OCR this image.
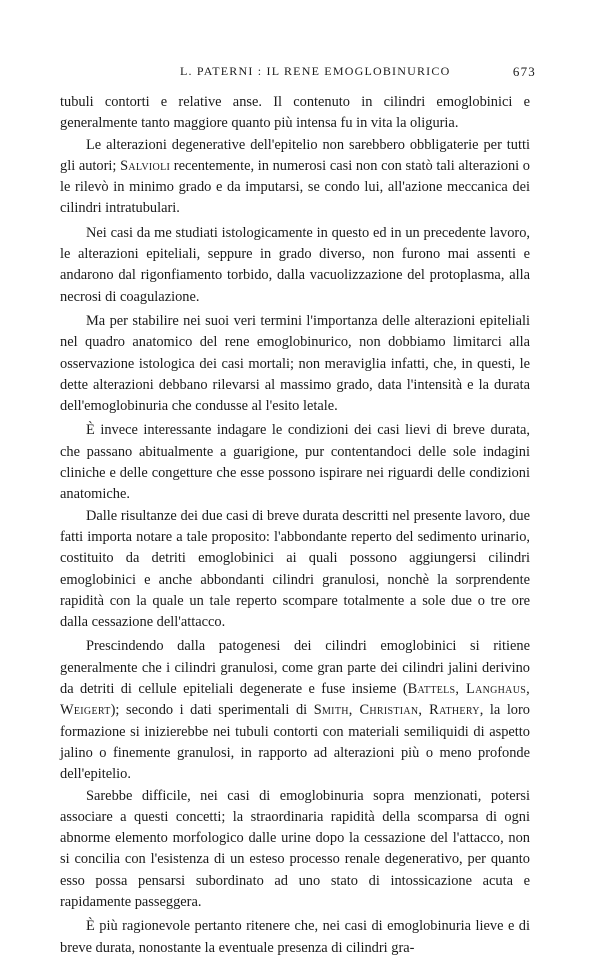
L. PATERNI : IL RENE EMOGLOBINURICO	673

tubuli contorti e relative anse. Il contenuto in cilindri emoglobinici e generalmente tanto maggiore quanto più intensa fu in vita la oliguria.

Le alterazioni degenerative dell'epitelio non sarebbero obbligaterie per tutti gli autori; Salvioli recentemente, in numerosi casi non con statò tali alterazioni o le rilevò in minimo grado e da imputarsi, se condo lui, all'azione meccanica dei cilindri intratubulari.

Nei casi da me studiati istologicamente in questo ed in un precedente lavoro, le alterazioni epiteliali, seppure in grado diverso, non furono mai assenti e andarono dal rigonfiamento torbido, dalla vacuolizzazione del protoplasma, alla necrosi di coagulazione.

Ma per stabilire nei suoi veri termini l'importanza delle alterazioni epiteliali nel quadro anatomico del rene emoglobinurico, non dobbiamo limitarci alla osservazione istologica dei casi mortali; non meraviglia infatti, che, in questi, le dette alterazioni debbano rilevarsi al massimo grado, data l'intensità e la durata dell'emoglobinuria che condusse al l'esito letale.

È invece interessante indagare le condizioni dei casi lievi di breve durata, che passano abitualmente a guarigione, pur contentandoci delle sole indagini cliniche e delle congetture che esse possono ispirare nei riguardi delle condizioni anatomiche.

Dalle risultanze dei due casi di breve durata descritti nel presente lavoro, due fatti importa notare a tale proposito: l'abbondante reperto del sedimento urinario, costituito da detriti emoglobinici ai quali possono aggiungersi cilindri emoglobinici e anche abbondanti cilindri granulosi, nonchè la sorprendente rapidità con la quale un tale reperto scompare totalmente a sole due o tre ore dalla cessazione dell'attacco.

Prescindendo dalla patogenesi dei cilindri emoglobinici si ritiene generalmente che i cilindri granulosi, come gran parte dei cilindri jalini derivino da detriti di cellule epiteliali degenerate e fuse insieme (Battels, Langhaus, Weigert); secondo i dati sperimentali di Smith, Christian, Rathery, la loro formazione si inizierebbe nei tubuli contorti con materiali semiliquidi di aspetto jalino o finemente granulosi, in rapporto ad alterazioni più o meno profonde dell'epitelio.

Sarebbe difficile, nei casi di emoglobinuria sopra menzionati, potersi associare a questi concetti; la straordinaria rapidità della scomparsa di ogni abnorme elemento morfologico dalle urine dopo la cessazione del l'attacco, non si concilia con l'esistenza di un esteso processo renale degenerativo, per quanto esso possa pensarsi subordinato ad uno stato di intossicazione acuta e rapidamente passeggera.

È più ragionevole pertanto ritenere che, nei casi di emoglobinuria lieve e di breve durata, nonostante la eventuale presenza di cilindri gra-
